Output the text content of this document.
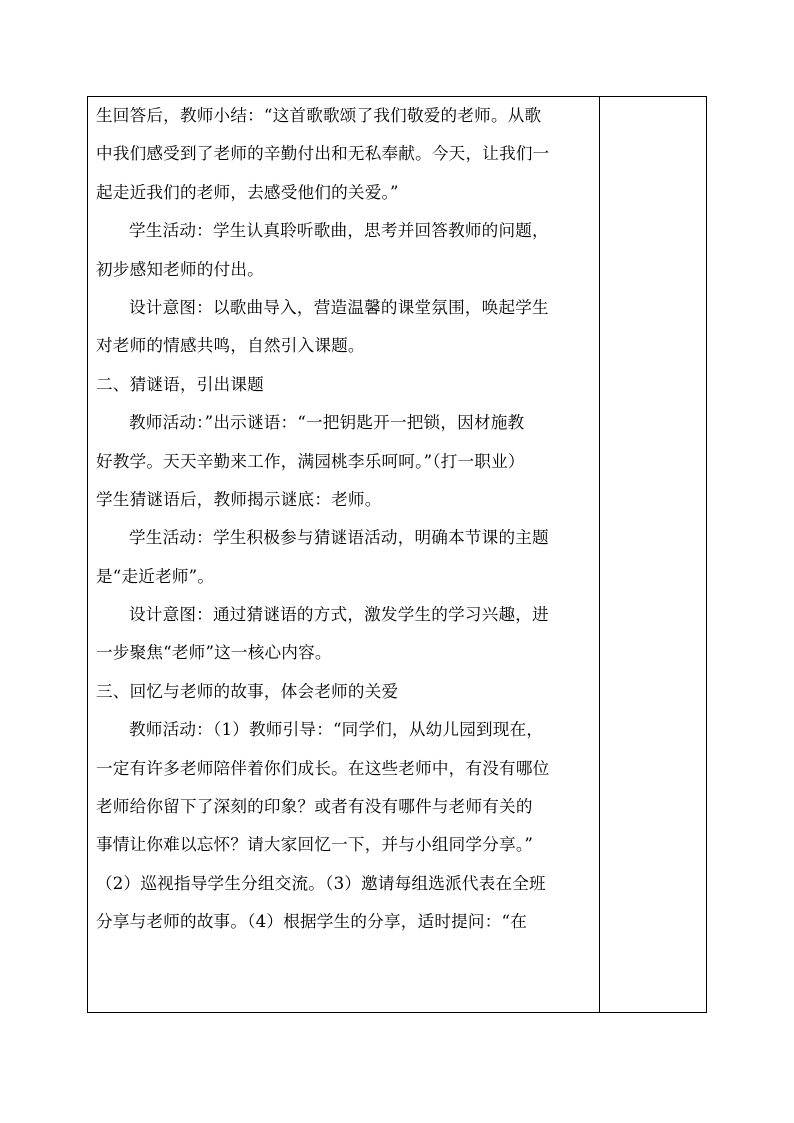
生回答后，教师小结：“这首歌歌颂了我们敬爱的老师。从歌
中我们感受到了老师的辛勤付出和无私奉献。今天，让我们一
起走近我们的老师，去感受他们的关爱。”
学生活动：学生认真聆听歌曲，思考并回答教师的问题，
初步感知老师的付出。
设计意图：以歌曲导入，营造温馨的课堂氛围，唤起学生
对老师的情感共鸣，自然引入课题。
二、猜谜语，引出课题
教师活动：”出示谜语：“一把钥匙开一把锁，因材施教
好教学。天天辛勤来工作，满园桃李乐呵呵。”（打一职业）
学生猜谜语后，教师揭示谜底：老师。
学生活动：学生积极参与猜谜语活动，明确本节课的主题
是“走近老师”。
设计意图：通过猜谜语的方式，激发学生的学习兴趣，进
一步聚焦“老师”这一核心内容。
三、回忆与老师的故事，体会老师的关爱
教师活动：（1）教师引导：“同学们，从幼儿园到现在，
一定有许多老师陪伴着你们成长。在这些老师中，有没有哪位
老师给你留下了深刻的印象？或者有没有哪件与老师有关的
事情让你难以忘怀？请大家回忆一下，并与小组同学分享。”
（2）巡视指导学生分组交流。（3）邀请每组选派代表在全班
分享与老师的故事。（4）根据学生的分享，适时提问：“在
